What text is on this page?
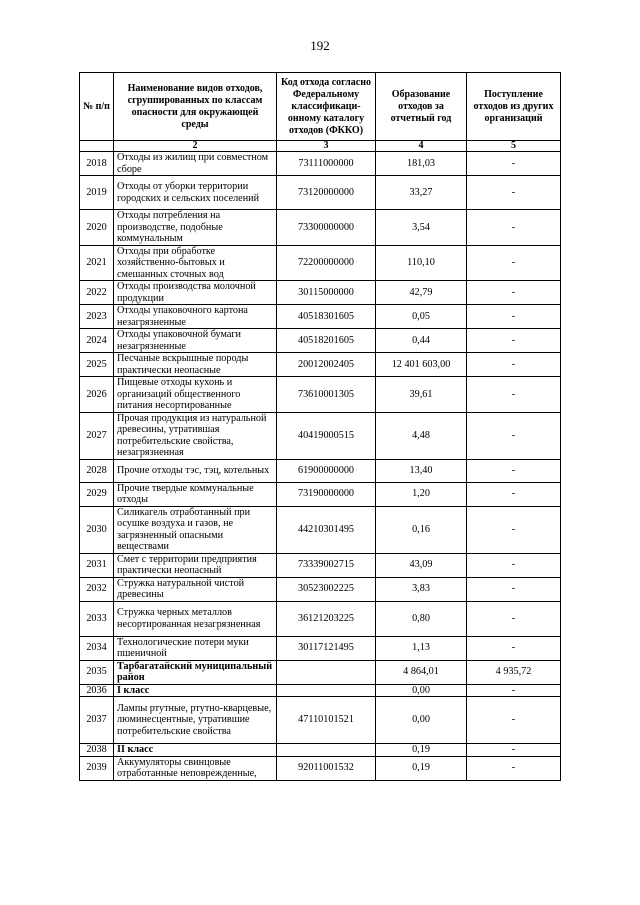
192
№ п/п	Наименование видов отходов, сгруппированных по классам опасности для окружающей среды	Код отхода согласно Федеральному классификаци-онному каталогу отходов (ФККО)	Образование отходов за отчетный год	Поступление отходов из других организаций
	2	3	4	5
2018	Отходы из жилищ при совместном сборе	73111000000	181,03	-
2019	Отходы от уборки территории городских и сельских поселений	73120000000	33,27	-
2020	Отходы потребления на производстве, подобные коммунальным	73300000000	3,54	-
2021	Отходы при обработке хозяйственно-бытовых и смешанных сточных вод	72200000000	110,10	-
2022	Отходы производства молочной продукции	30115000000	42,79	-
2023	Отходы упаковочного картона незагрязненные	40518301605	0,05	-
2024	Отходы упаковочной бумаги незагрязненные	40518201605	0,44	-
2025	Песчаные вскрышные породы практически неопасные	20012002405	12 401 603,00	-
2026	Пищевые отходы кухонь и организаций общественного питания несортированные	73610001305	39,61	-
2027	Прочая продукция из натуральной древесины, утратившая потребительские свойства, незагрязненная	40419000515	4,48	-
2028	Прочие отходы тэс, тэц, котельных	61900000000	13,40	-
2029	Прочие твердые коммунальные отходы	73190000000	1,20	-
2030	Силикагель отработанный при осушке воздуха и газов, не загрязненный опасными веществами	44210301495	0,16	-
2031	Смет с территории предприятия практически неопасный	73339002715	43,09	-
2032	Стружка натуральной чистой древесины	30523002225	3,83	-
2033	Стружка черных металлов несортированная незагрязненная	36121203225	0,80	-
2034	Технологические потери муки пшеничной	30117121495	1,13	-
2035	Тарбагатайский муниципальный район		4 864,01	4 935,72
2036	I класс		0,00	-
2037	Лампы ртутные, ртутно-кварцевые, люминесцентные, утратившие потребительские свойства	47110101521	0,00	-
2038	II класс		0,19	-
2039	Аккумуляторы свинцовые отработанные неповрежденные,	92011001532	0,19	-
